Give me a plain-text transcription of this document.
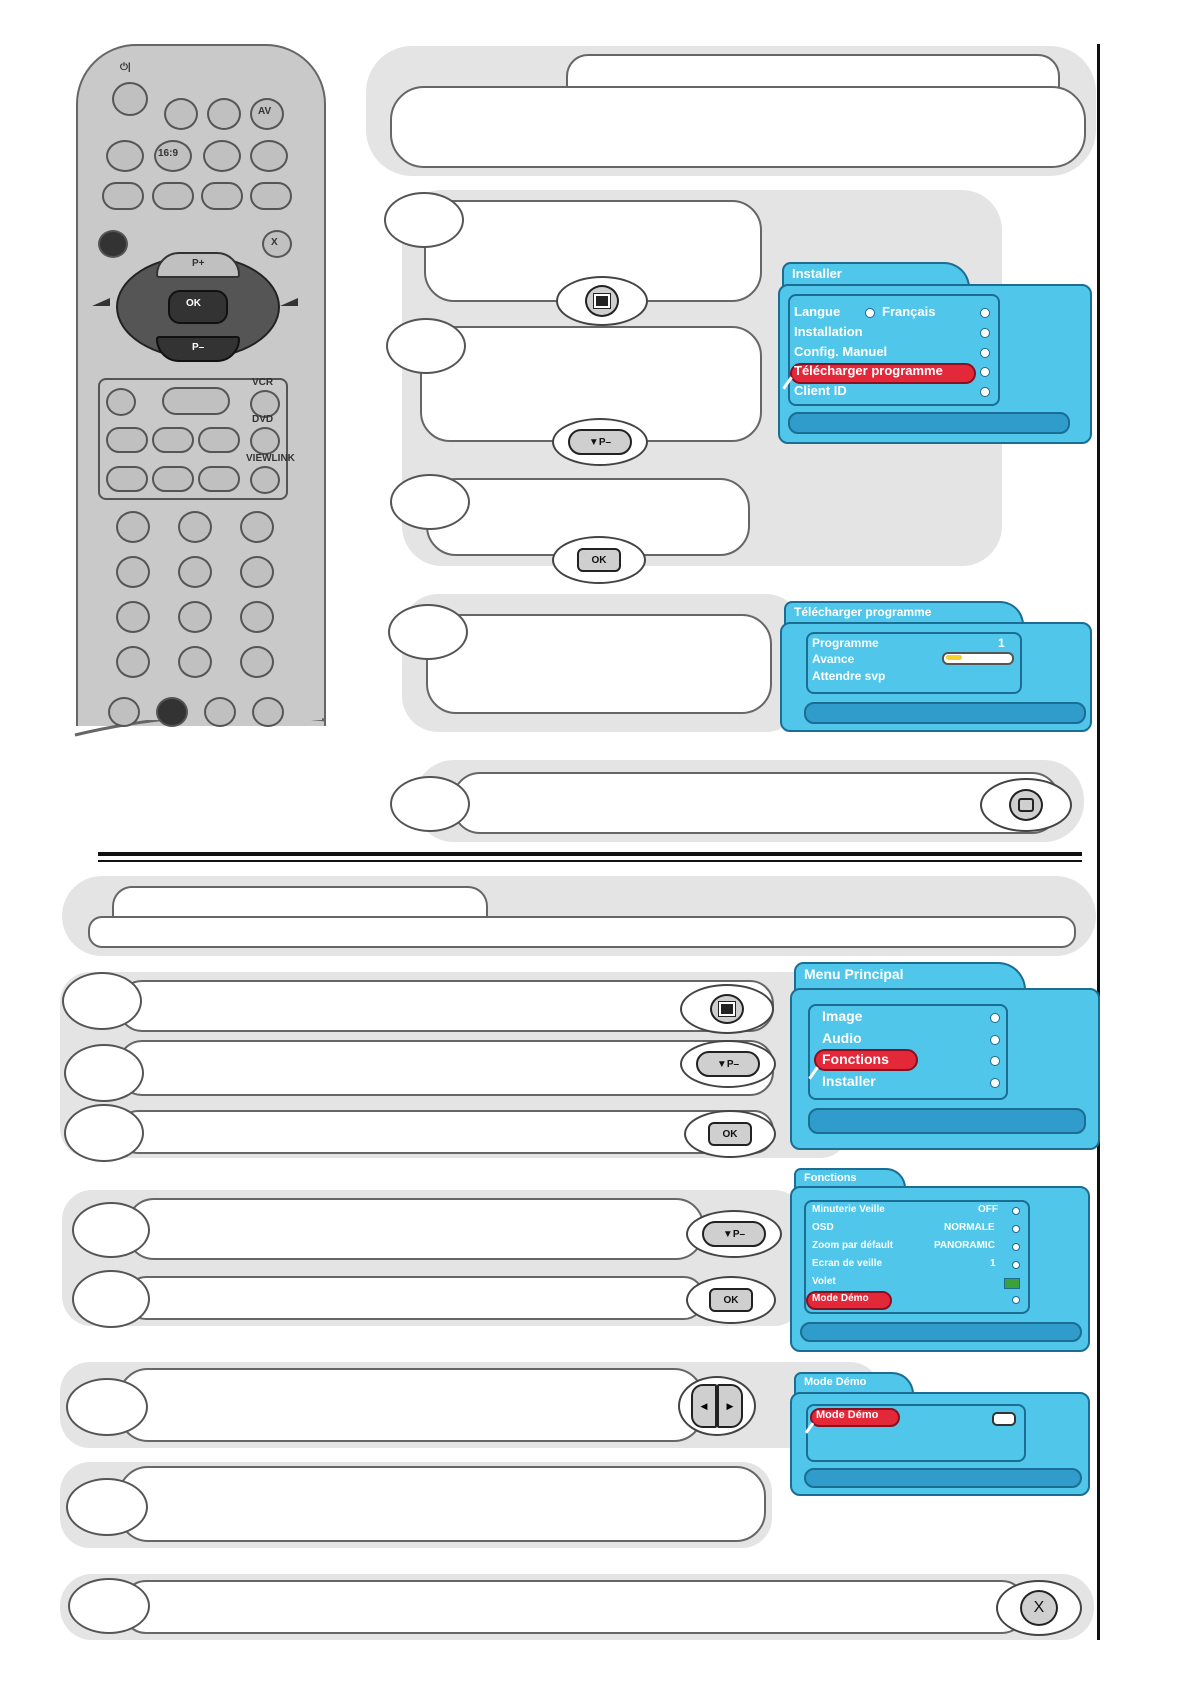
⏻|
AV
16:9
X
P+
P–
OK
VCR
DVD
VIEWLINK
▼ P–
OK
Installer
Langue	Français
Installation
Config. Manuel
Télécharger programme
Client ID
Télécharger programme
Programme	1
Avance
Attendre svp
▼ P–
OK
Menu Principal
Image
Audio
Fonctions
Installer
▼ P–
OK
Fonctions
Minuterie Veille	OFF
OSD	NORMALE
Zoom par défault	PANORAMIC
Ecran de veille	1
Volet
Mode Démo
◀	▶
Mode Démo
Mode Démo
X
